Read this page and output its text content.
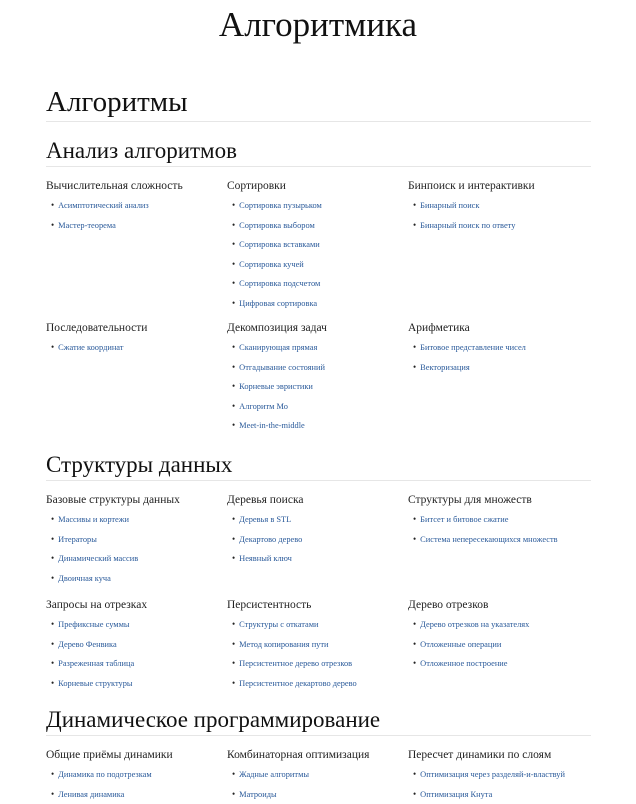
Алгоритмика
Алгоритмы
Анализ алгоритмов
Вычислительная сложность
• Асимптотический анализ
• Мастер-теорема
Сортировки
• Сортировка пузырьком
• Сортировка выбором
• Сортировка вставками
• Сортировка кучей
• Сортировка подсчетом
• Цифровая сортировка
Бинпоиск и интерактивки
• Бинарный поиск
• Бинарный поиск по ответу
Последовательности
• Сжатие координат
Декомпозиция задач
• Сканирующая прямая
• Отгадывание состояний
• Корневые эвристики
• Алгоритм Мо
• Meet-in-the-middle
Арифметика
• Битовое представление чисел
• Векторизация
Структуры данных
Базовые структуры данных
• Массивы и кортежи
• Итераторы
• Динамический массив
• Двоичная куча
Деревья поиска
• Деревья в STL
• Декартово дерево
• Неявный ключ
Структуры для множеств
• Битсет и битовое сжатие
• Система непересекающихся множеств
Запросы на отрезках
• Префиксные суммы
• Дерево Фенвика
• Разреженная таблица
• Корневые структуры
Персистентность
• Структуры с откатами
• Метод копирования пути
• Персистентное дерево отрезков
• Персистентное декартово дерево
Дерево отрезков
• Дерево отрезков на указателях
• Отложенные операции
• Отложенное построение
Динамическое программирование
Общие приёмы динамики
• Динамика по подотрезкам
• Ленивая динамика
Комбинаторная оптимизация
• Жадные алгоритмы
• Матроиды
Пересчет динамики по слоям
• Оптимизация через разделяй-и-властвуй
• Оптимизация Кнута
